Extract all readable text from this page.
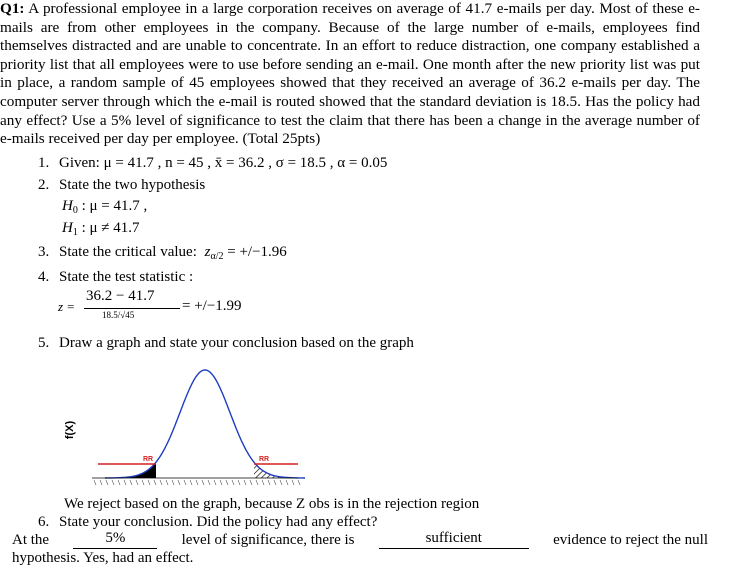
Q1: A professional employee in a large corporation receives on average of 41.7 e-mails per day. Most of these e-mails are from other employees in the company. Because of the large number of e-mails, employees find themselves distracted and are unable to concentrate. In an effort to reduce distraction, one company established a priority list that all employees were to use before sending an e-mail. One month after the new priority list was put in place, a random sample of 45 employees showed that they received an average of 36.2 e-mails per day. The computer server through which the e-mail is routed showed that the standard deviation is 18.5. Has the policy had any effect? Use a 5% level of significance to test the claim that there has been a change in the average number of e-mails received per day per employee. (Total 25pts)
1. Given: μ = 41.7 , n = 45 , x̄ = 36.2 , σ = 18.5 , α = 0.05
2. State the two hypothesis
$H_0$ : μ = 41.7 ,
$H_1$ : μ ≠ 41.7
3. State the critical value: $z_{\alpha/2} = +/-1.96$
4. State the test statistic :
z =
36.2 − 41.7
18.5/√45
= +/−1.99
5. Draw a graph and state your conclusion based on the graph
f(X)
RR	RR
We reject based on the graph, because Z obs is in the rejection region
6. State your conclusion. Did the policy had any effect?
At the	5%	level of significance, there is	sufficient	evidence to reject the null
hypothesis. Yes, had an effect.
